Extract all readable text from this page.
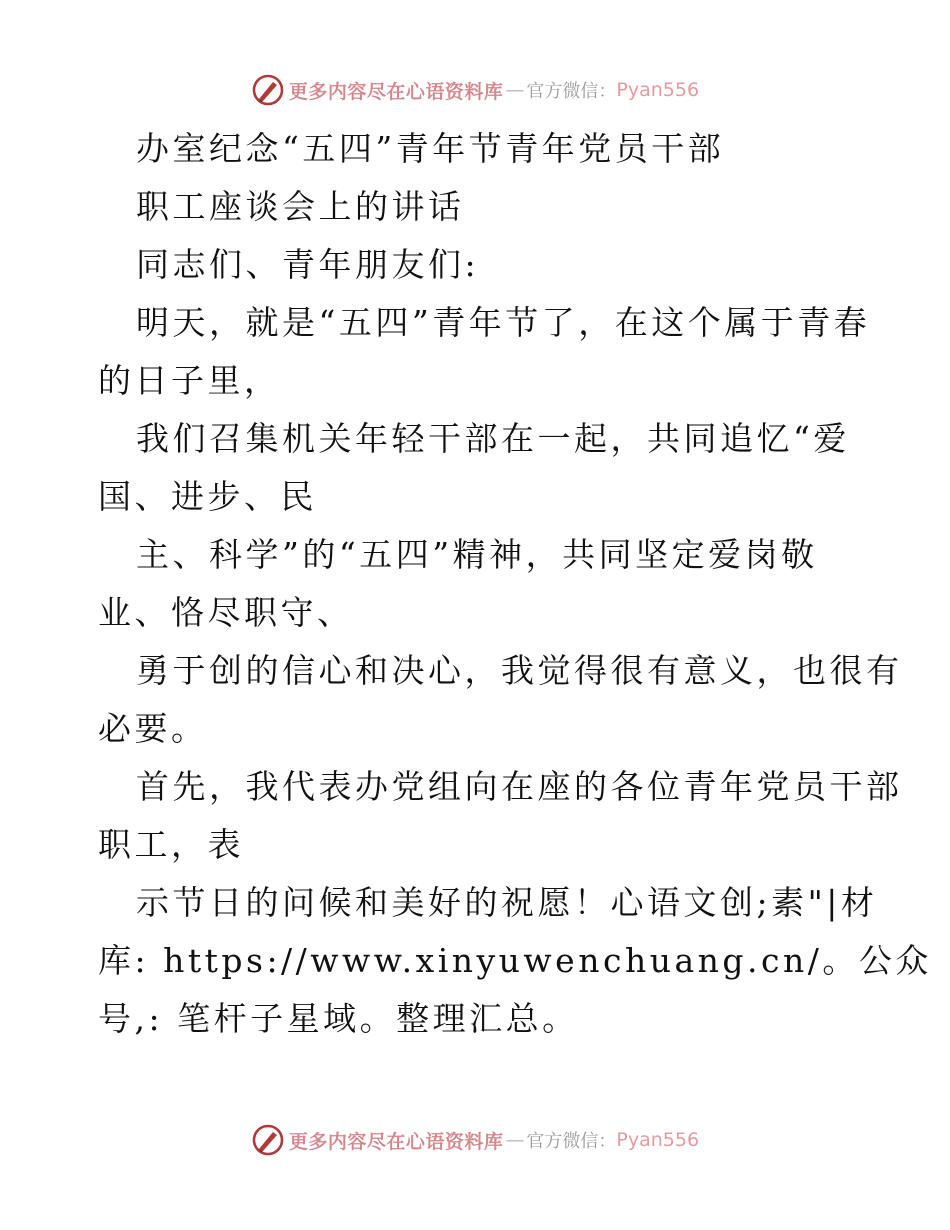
更多内容尽在心语资料库 — 官方微信： Pyan556
办室纪念“五四”青年节青年党员干部
职工座谈会上的讲话
同志们、青年朋友们:
明天，就是“五四”青年节了，在这个属于青春
的日子里，
我们召集机关年轻干部在一起，共同追忆“爱
国、进步、民
主、科学”的“五四”精神，共同坚定爱岗敬
业、恪尽职守、
勇于创的信心和决心，我觉得很有意义，也很有
必要。
首先，我代表办党组向在座的各位青年党员干部
职工，表
示节日的问候和美好的祝愿！心语文创;素"|材
库: https://www.xinyuwenchuang.cn/。公众
号,: 笔杆子星域。整理汇总。
更多内容尽在心语资料库 — 官方微信： Pyan556
